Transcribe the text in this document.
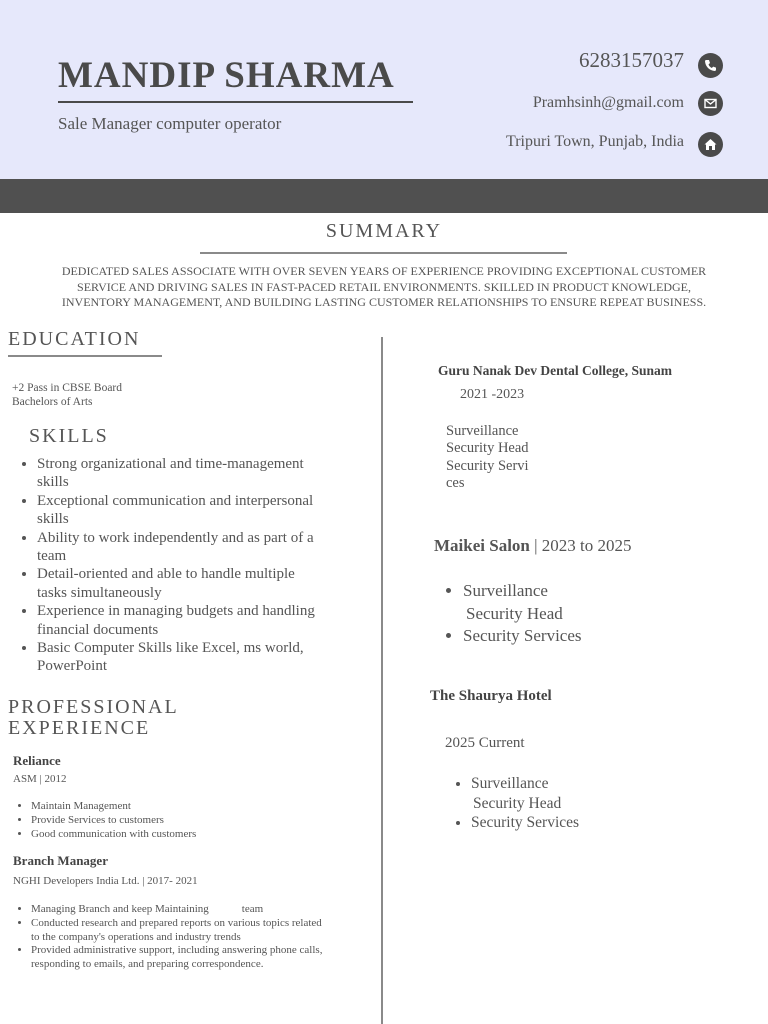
MANDIP SHARMA
Sale Manager computer operator
6283157037
Pramhsinh@gmail.com
Tripuri Town, Punjab, India
SUMMARY
DEDICATED SALES ASSOCIATE WITH OVER SEVEN YEARS OF EXPERIENCE PROVIDING EXCEPTIONAL CUSTOMER SERVICE AND DRIVING SALES IN FAST-PACED RETAIL ENVIRONMENTS. SKILLED IN PRODUCT KNOWLEDGE, INVENTORY MANAGEMENT, AND BUILDING LASTING CUSTOMER RELATIONSHIPS TO ENSURE REPEAT BUSINESS.
EDUCATION
+2 Pass in CBSE Board
Bachelors of Arts
SKILLS
• Strong organizational and time-management skills
• Exceptional communication and interpersonal skills
• Ability to work independently and as part of a team
• Detail-oriented and able to handle multiple tasks simultaneously
• Experience in managing budgets and handling financial documents
• Basic Computer Skills like Excel, ms world, PowerPoint
PROFESSIONAL
EXPERIENCE
Reliance
ASM | 2012
• Maintain Management
• Provide Services to customers
• Good communication with customers
Branch Manager
NGHI Developers India Ltd. | 2017- 2021
• Managing Branch and keep Maintaining            team
• Conducted research and prepared reports on various topics related to the company's operations and industry trends
• Provided administrative support, including answering phone calls, responding to emails, and preparing correspondence.
Guru Nanak Dev Dental College, Sunam
2021 -2023
Surveillance
Security Head
Security Servi
ces
Maikei Salon | 2023 to 2025
• Surveillance
Security Head
• Security Services
The Shaurya Hotel
2025 Current
• Surveillance
Security Head
• Security Services
